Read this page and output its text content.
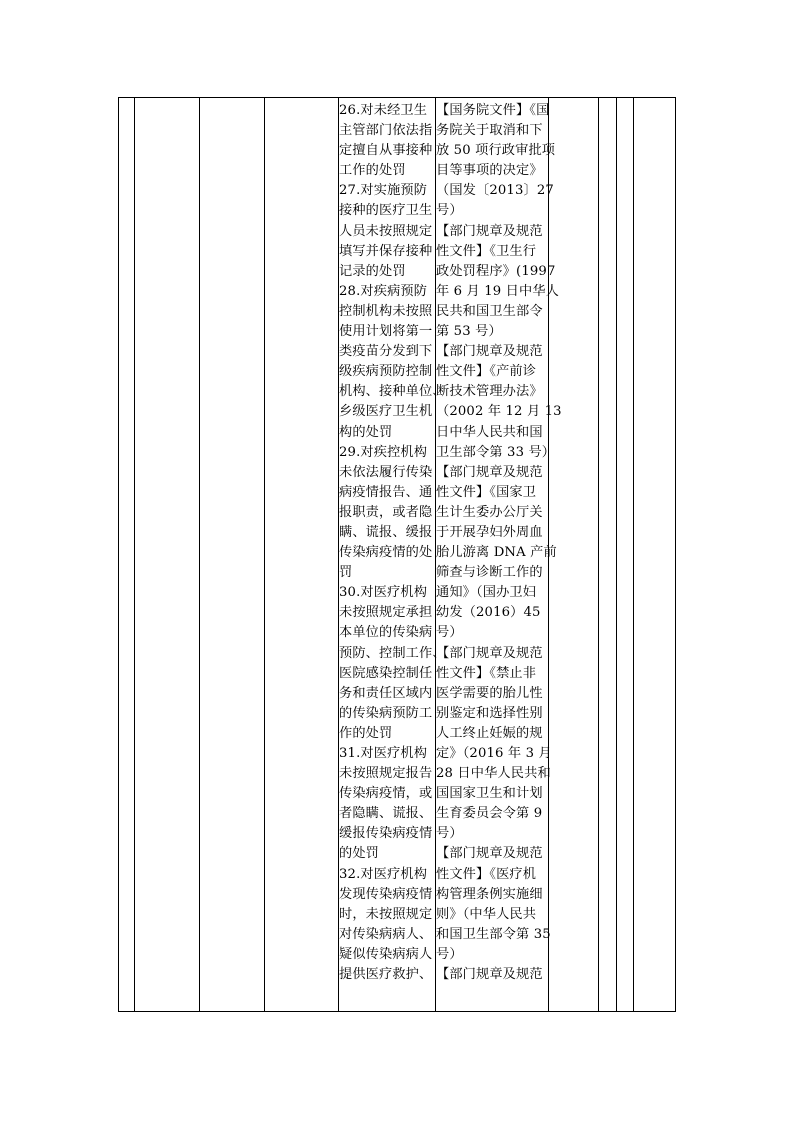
26.对未经卫生
主管部门依法指
定擅自从事接种
工作的处罚
27.对实施预防
接种的医疗卫生
人员未按照规定
填写并保存接种
记录的处罚
28.对疾病预防
控制机构未按照
使用计划将第一
类疫苗分发到下
级疾病预防控制
机构、接种单位、
乡级医疗卫生机
构的处罚
29.对疾控机构
未依法履行传染
病疫情报告、通
报职责，或者隐
瞒、谎报、缓报
传染病疫情的处
罚
30.对医疗机构
未按照规定承担
本单位的传染病
预防、控制工作、
医院感染控制任
务和责任区域内
的传染病预防工
作的处罚
31.对医疗机构
未按照规定报告
传染病疫情，或
者隐瞒、谎报、
缓报传染病疫情
的处罚
32.对医疗机构
发现传染病疫情
时，未按照规定
对传染病病人、
疑似传染病病人
提供医疗救护、
【国务院文件】《国
务院关于取消和下
放 50 项行政审批项
目等事项的决定》
（国发〔2013〕27
号）
【部门规章及规范
性文件】《卫生行
政处罚程序》(1997
年 6 月 19 日中华人
民共和国卫生部令
第 53 号）
【部门规章及规范
性文件】《产前诊
断技术管理办法》
（2002 年 12 月 13
日中华人民共和国
卫生部令第 33 号）
【部门规章及规范
性文件】《国家卫
生计生委办公厅关
于开展孕妇外周血
胎儿游离 DNA 产前
筛查与诊断工作的
通知》（国办卫妇
幼发（2016）45
号）
【部门规章及规范
性文件】《禁止非
医学需要的胎儿性
别鉴定和选择性别
人工终止妊娠的规
定》（2016 年 3 月
28 日中华人民共和
国国家卫生和计划
生育委员会令第 9
号）
【部门规章及规范
性文件】《医疗机
构管理条例实施细
则》（中华人民共
和国卫生部令第 35
号）
【部门规章及规范
